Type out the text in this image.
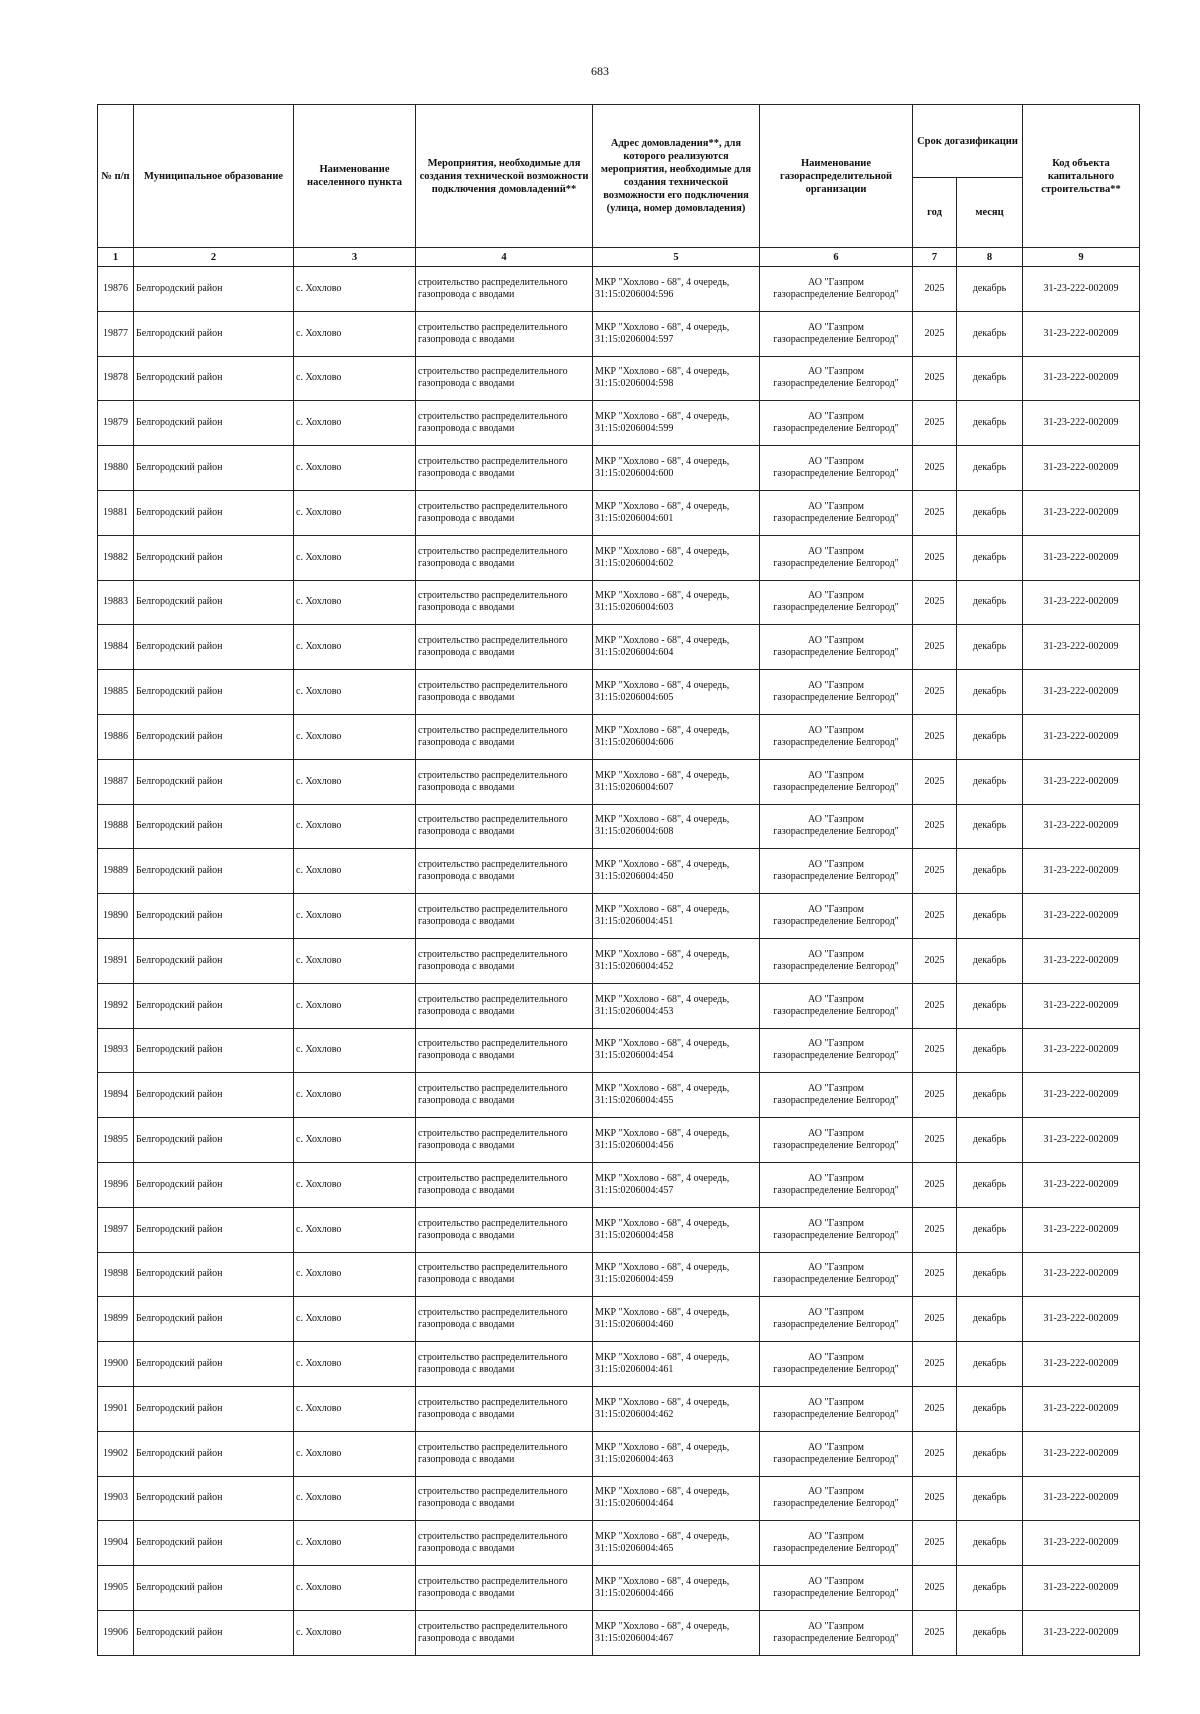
683
№ п/п	Муниципальное образование	Наименование населенного пункта	Мероприятия, необходимые для создания технической возможности подключения домовладений**	Адрес домовладения**, для которого реализуются мероприятия, необходимые для создания технической возможности его подключения (улица, номер домовладения)	Наименование газораспределительной организации	Срок догазификации		Код объекта капитального строительства**
						год	месяц	
1	2	3	4	5	6	7	8	9
19876	Белгородский район	с. Хохлово	строительство распределительного
газопровода с вводами	МКР "Хохлово - 68", 4 очередь,
31:15:0206004:596	АО "Газпром
газораспределение Белгород"	2025	декабрь	31-23-222-002009
19877	Белгородский район	с. Хохлово	строительство распределительного
газопровода с вводами	МКР "Хохлово - 68", 4 очередь,
31:15:0206004:597	АО "Газпром
газораспределение Белгород"	2025	декабрь	31-23-222-002009
19878	Белгородский район	с. Хохлово	строительство распределительного
газопровода с вводами	МКР "Хохлово - 68", 4 очередь,
31:15:0206004:598	АО "Газпром
газораспределение Белгород"	2025	декабрь	31-23-222-002009
19879	Белгородский район	с. Хохлово	строительство распределительного
газопровода с вводами	МКР "Хохлово - 68", 4 очередь,
31:15:0206004:599	АО "Газпром
газораспределение Белгород"	2025	декабрь	31-23-222-002009
19880	Белгородский район	с. Хохлово	строительство распределительного
газопровода с вводами	МКР "Хохлово - 68", 4 очередь,
31:15:0206004:600	АО "Газпром
газораспределение Белгород"	2025	декабрь	31-23-222-002009
19881	Белгородский район	с. Хохлово	строительство распределительного
газопровода с вводами	МКР "Хохлово - 68", 4 очередь,
31:15:0206004:601	АО "Газпром
газораспределение Белгород"	2025	декабрь	31-23-222-002009
19882	Белгородский район	с. Хохлово	строительство распределительного
газопровода с вводами	МКР "Хохлово - 68", 4 очередь,
31:15:0206004:602	АО "Газпром
газораспределение Белгород"	2025	декабрь	31-23-222-002009
19883	Белгородский район	с. Хохлово	строительство распределительного
газопровода с вводами	МКР "Хохлово - 68", 4 очередь,
31:15:0206004:603	АО "Газпром
газораспределение Белгород"	2025	декабрь	31-23-222-002009
19884	Белгородский район	с. Хохлово	строительство распределительного
газопровода с вводами	МКР "Хохлово - 68", 4 очередь,
31:15:0206004:604	АО "Газпром
газораспределение Белгород"	2025	декабрь	31-23-222-002009
19885	Белгородский район	с. Хохлово	строительство распределительного
газопровода с вводами	МКР "Хохлово - 68", 4 очередь,
31:15:0206004:605	АО "Газпром
газораспределение Белгород"	2025	декабрь	31-23-222-002009
19886	Белгородский район	с. Хохлово	строительство распределительного
газопровода с вводами	МКР "Хохлово - 68", 4 очередь,
31:15:0206004:606	АО "Газпром
газораспределение Белгород"	2025	декабрь	31-23-222-002009
19887	Белгородский район	с. Хохлово	строительство распределительного
газопровода с вводами	МКР "Хохлово - 68", 4 очередь,
31:15:0206004:607	АО "Газпром
газораспределение Белгород"	2025	декабрь	31-23-222-002009
19888	Белгородский район	с. Хохлово	строительство распределительного
газопровода с вводами	МКР "Хохлово - 68", 4 очередь,
31:15:0206004:608	АО "Газпром
газораспределение Белгород"	2025	декабрь	31-23-222-002009
19889	Белгородский район	с. Хохлово	строительство распределительного
газопровода с вводами	МКР "Хохлово - 68", 4 очередь,
31:15:0206004:450	АО "Газпром
газораспределение Белгород"	2025	декабрь	31-23-222-002009
19890	Белгородский район	с. Хохлово	строительство распределительного
газопровода с вводами	МКР "Хохлово - 68", 4 очередь,
31:15:0206004:451	АО "Газпром
газораспределение Белгород"	2025	декабрь	31-23-222-002009
19891	Белгородский район	с. Хохлово	строительство распределительного
газопровода с вводами	МКР "Хохлово - 68", 4 очередь,
31:15:0206004:452	АО "Газпром
газораспределение Белгород"	2025	декабрь	31-23-222-002009
19892	Белгородский район	с. Хохлово	строительство распределительного
газопровода с вводами	МКР "Хохлово - 68", 4 очередь,
31:15:0206004:453	АО "Газпром
газораспределение Белгород"	2025	декабрь	31-23-222-002009
19893	Белгородский район	с. Хохлово	строительство распределительного
газопровода с вводами	МКР "Хохлово - 68", 4 очередь,
31:15:0206004:454	АО "Газпром
газораспределение Белгород"	2025	декабрь	31-23-222-002009
19894	Белгородский район	с. Хохлово	строительство распределительного
газопровода с вводами	МКР "Хохлово - 68", 4 очередь,
31:15:0206004:455	АО "Газпром
газораспределение Белгород"	2025	декабрь	31-23-222-002009
19895	Белгородский район	с. Хохлово	строительство распределительного
газопровода с вводами	МКР "Хохлово - 68", 4 очередь,
31:15:0206004:456	АО "Газпром
газораспределение Белгород"	2025	декабрь	31-23-222-002009
19896	Белгородский район	с. Хохлово	строительство распределительного
газопровода с вводами	МКР "Хохлово - 68", 4 очередь,
31:15:0206004:457	АО "Газпром
газораспределение Белгород"	2025	декабрь	31-23-222-002009
19897	Белгородский район	с. Хохлово	строительство распределительного
газопровода с вводами	МКР "Хохлово - 68", 4 очередь,
31:15:0206004:458	АО "Газпром
газораспределение Белгород"	2025	декабрь	31-23-222-002009
19898	Белгородский район	с. Хохлово	строительство распределительного
газопровода с вводами	МКР "Хохлово - 68", 4 очередь,
31:15:0206004:459	АО "Газпром
газораспределение Белгород"	2025	декабрь	31-23-222-002009
19899	Белгородский район	с. Хохлово	строительство распределительного
газопровода с вводами	МКР "Хохлово - 68", 4 очередь,
31:15:0206004:460	АО "Газпром
газораспределение Белгород"	2025	декабрь	31-23-222-002009
19900	Белгородский район	с. Хохлово	строительство распределительного
газопровода с вводами	МКР "Хохлово - 68", 4 очередь,
31:15:0206004:461	АО "Газпром
газораспределение Белгород"	2025	декабрь	31-23-222-002009
19901	Белгородский район	с. Хохлово	строительство распределительного
газопровода с вводами	МКР "Хохлово - 68", 4 очередь,
31:15:0206004:462	АО "Газпром
газораспределение Белгород"	2025	декабрь	31-23-222-002009
19902	Белгородский район	с. Хохлово	строительство распределительного
газопровода с вводами	МКР "Хохлово - 68", 4 очередь,
31:15:0206004:463	АО "Газпром
газораспределение Белгород"	2025	декабрь	31-23-222-002009
19903	Белгородский район	с. Хохлово	строительство распределительного
газопровода с вводами	МКР "Хохлово - 68", 4 очередь,
31:15:0206004:464	АО "Газпром
газораспределение Белгород"	2025	декабрь	31-23-222-002009
19904	Белгородский район	с. Хохлово	строительство распределительного
газопровода с вводами	МКР "Хохлово - 68", 4 очередь,
31:15:0206004:465	АО "Газпром
газораспределение Белгород"	2025	декабрь	31-23-222-002009
19905	Белгородский район	с. Хохлово	строительство распределительного
газопровода с вводами	МКР "Хохлово - 68", 4 очередь,
31:15:0206004:466	АО "Газпром
газораспределение Белгород"	2025	декабрь	31-23-222-002009
19906	Белгородский район	с. Хохлово	строительство распределительного
газопровода с вводами	МКР "Хохлово - 68", 4 очередь,
31:15:0206004:467	АО "Газпром
газораспределение Белгород"	2025	декабрь	31-23-222-002009
